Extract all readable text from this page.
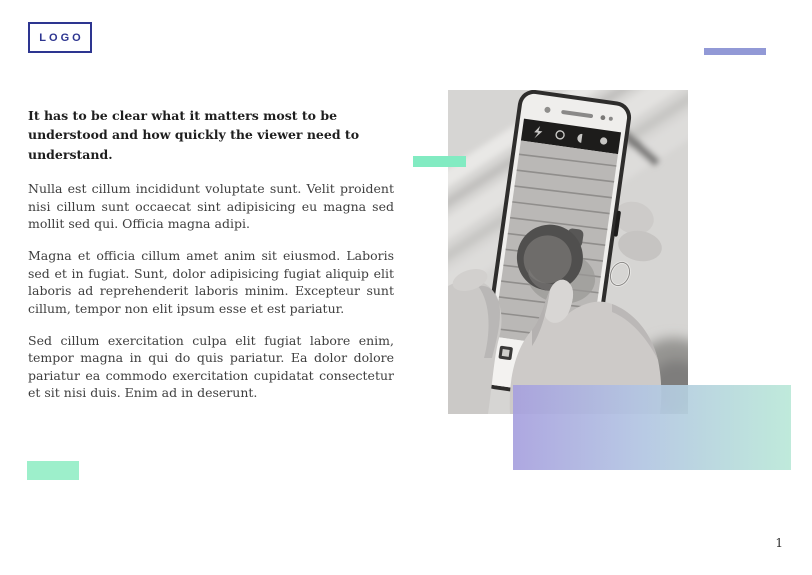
LOGO
It has to be clear what it matters most to be understood and how quickly the viewer need to understand.

Nulla est cillum incididunt voluptate sunt. Velit proident nisi cillum sunt occaecat sint adipisicing eu magna sed mollit sed qui. Officia magna adipi.

Magna et officia cillum amet anim sit eiusmod. Laboris sed et in fugiat. Sunt, dolor adipisicing fugiat aliquip elit laboris ad reprehenderit laboris minim. Excepteur sunt cillum, tempor non elit ipsum esse et est pariatur.

Sed cillum exercitation culpa elit fugiat labore enim, tempor magna in qui do quis pariatur. Ea dolor dolore pariatur ea commodo exercitation cupidatat consectetur et sit nisi duis. Enim ad in deserunt.

1
